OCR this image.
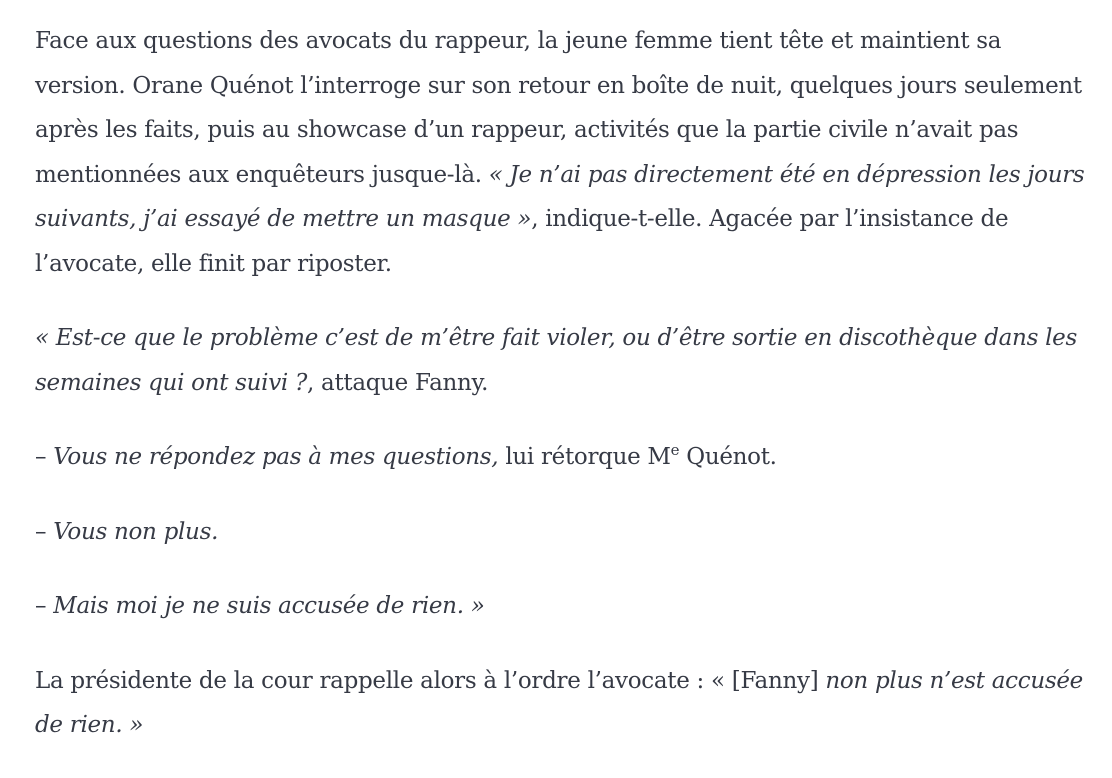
Face aux questions des avocats du rappeur, la jeune femme tient tête et maintient sa version. Orane Quénot l’interroge sur son retour en boîte de nuit, quelques jours seulement après les faits, puis au showcase d’un rappeur, activités que la partie civile n’avait pas mentionnées aux enquêteurs jusque-là. « Je n’ai pas directement été en dépression les jours suivants, j’ai essayé de mettre un masque », indique-t-elle. Agacée par l’insistance de l’avocate, elle finit par riposter.

« Est-ce que le problème c’est de m’être fait violer, ou d’être sortie en discothèque dans les semaines qui ont suivi ?, attaque Fanny.

– Vous ne répondez pas à mes questions, lui rétorque Me Quénot.

– Vous non plus.

– Mais moi je ne suis accusée de rien. »

La présidente de la cour rappelle alors à l’ordre l’avocate : « [Fanny] non plus n’est accusée de rien. »
